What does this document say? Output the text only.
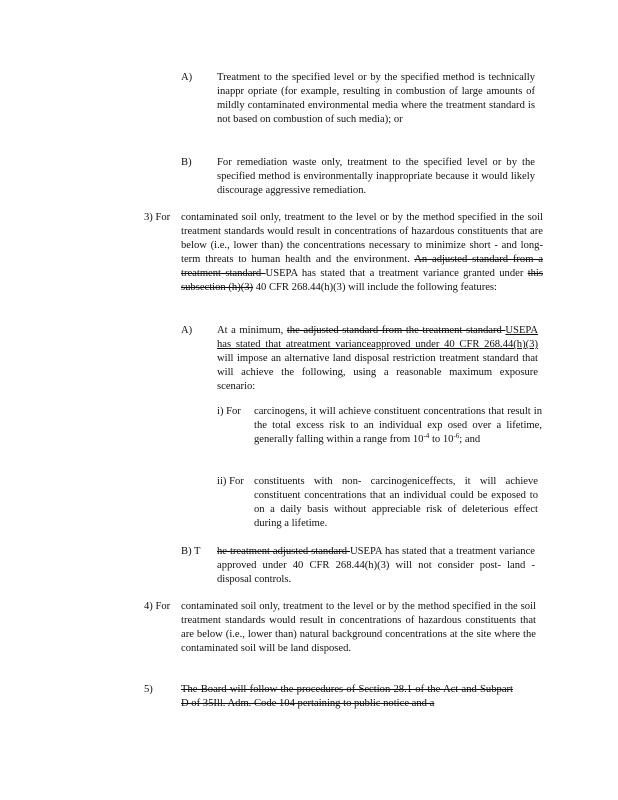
A) Treatment to the specified level or by the specified method is technically inappr opriate (for example, resulting in combustion of large amounts of mildly contaminated environmental media where the treatment standard is not based on combustion of such media); or
B) For remediation waste only, treatment to the specified level or by the specified method is environmentally inappropriate because it would likely discourage aggressive remediation.
3) For contaminated soil only, treatment to the level or by the method specified in the soil treatment standards would result in concentrations of hazardous constituents that are below (i.e., lower than) the concentrations necessary to minimize short - and long-term threats to human health and the environment. An adjusted standard from a treatment standard USEPA has stated that a treatment variance granted under this subsection (h)(3) 40 CFR 268.44(h)(3) will include the following features:
A) At a minimum, the adjusted standard from the treatment standard USEPA has stated that atreatment varianceapproved under 40 CFR 268.44(h)(3) will impose an alternative land disposal restriction treatment standard that will achieve the following, using a reasonable maximum exposure scenario:
i) For carcinogens, it will achieve constituent concentrations that result in the total excess risk to an individual exp osed over a lifetime, generally falling within a range from $10^{-4}$ to $10^{-6}$; and
ii) For constituents with non- carcinogeniceffects, it will achieve constituent concentrations that an individual could be exposed to on a daily basis without appreciable risk of deleterious effect during a lifetime.
B) T he treatment adjusted standard USEPA has stated that a treatment variance approved under 40 CFR 268.44(h)(3) will not consider post- land -disposal controls.
4) For contaminated soil only, treatment to the level or by the method specified in the soil treatment standards would result in concentrations of hazardous constituents that are below (i.e., lower than) natural background concentrations at the site where the contaminated soil will be land disposed.
5)	The Board will follow the procedures of Section 28.1 of the Act and Subpart D of 35Ill. Adm. Code 104 pertaining to public notice and a
